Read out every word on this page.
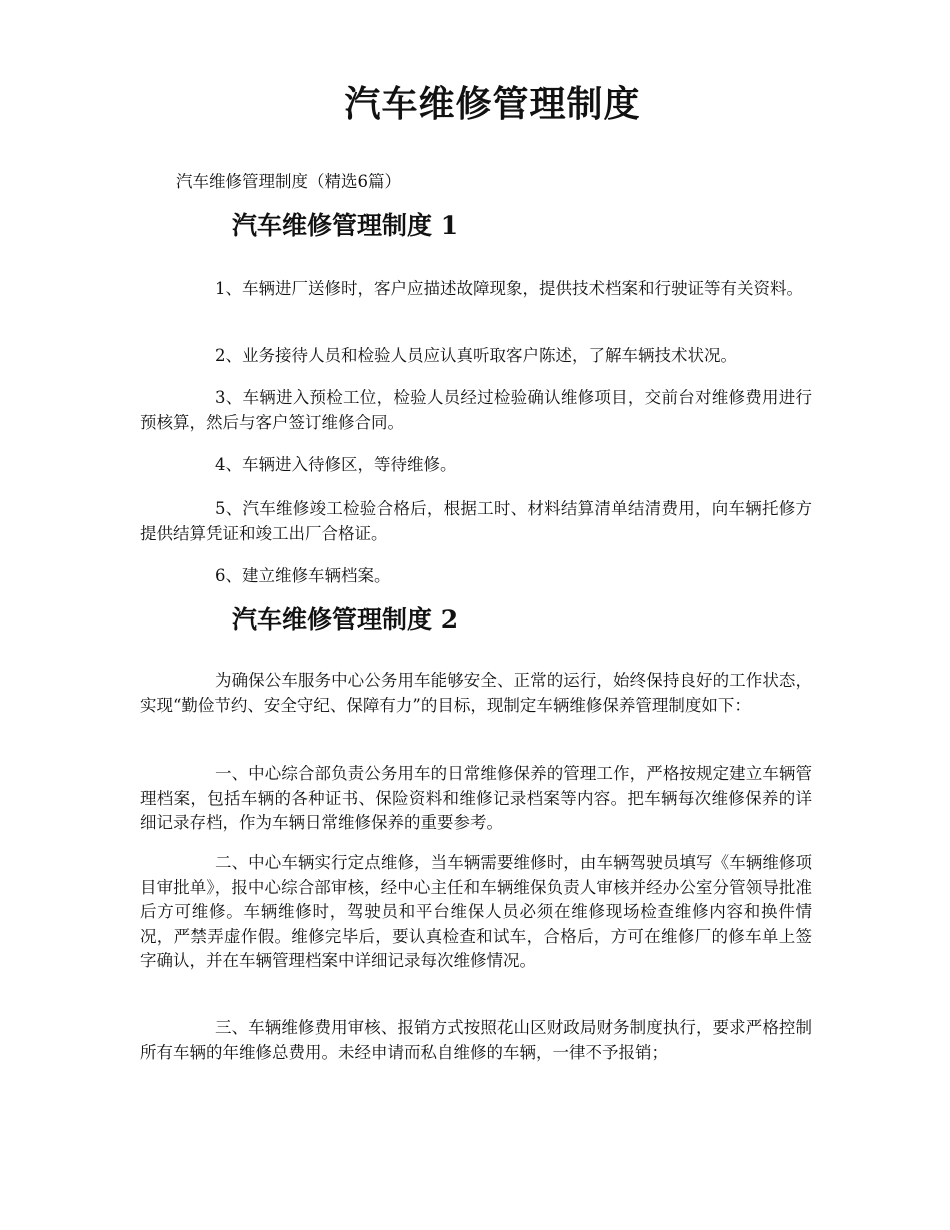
汽车维修管理制度
汽车维修管理制度（精选6篇）
汽车维修管理制度 1

1、车辆进厂送修时，客户应描述故障现象，提供技术档案和行驶证等有关资料。

2、业务接待人员和检验人员应认真听取客户陈述，了解车辆技术状况。

3、车辆进入预检工位，检验人员经过检验确认维修项目，交前台对维修费用进行预核算，然后与客户签订维修合同。

4、车辆进入待修区，等待维修。

5、汽车维修竣工检验合格后，根据工时、材料结算清单结清费用，向车辆托修方提供结算凭证和竣工出厂合格证。

6、建立维修车辆档案。

汽车维修管理制度 2

为确保公车服务中心公务用车能够安全、正常的运行，始终保持良好的工作状态，实现“勤俭节约、安全守纪、保障有力”的目标，现制定车辆维修保养管理制度如下：

一、中心综合部负责公务用车的日常维修保养的管理工作，严格按规定建立车辆管理档案，包括车辆的各种证书、保险资料和维修记录档案等内容。把车辆每次维修保养的详细记录存档，作为车辆日常维修保养的重要参考。

二、中心车辆实行定点维修，当车辆需要维修时，由车辆驾驶员填写《车辆维修项目审批单》，报中心综合部审核，经中心主任和车辆维保负责人审核并经办公室分管领导批准后方可维修。车辆维修时，驾驶员和平台维保人员必须在维修现场检查维修内容和换件情况，严禁弄虚作假。维修完毕后，要认真检查和试车，合格后，方可在维修厂的修车单上签字确认，并在车辆管理档案中详细记录每次维修情况。

三、车辆维修费用审核、报销方式按照花山区财政局财务制度执行，要求严格控制所有车辆的年维修总费用。未经申请而私自维修的车辆，一律不予报销；
